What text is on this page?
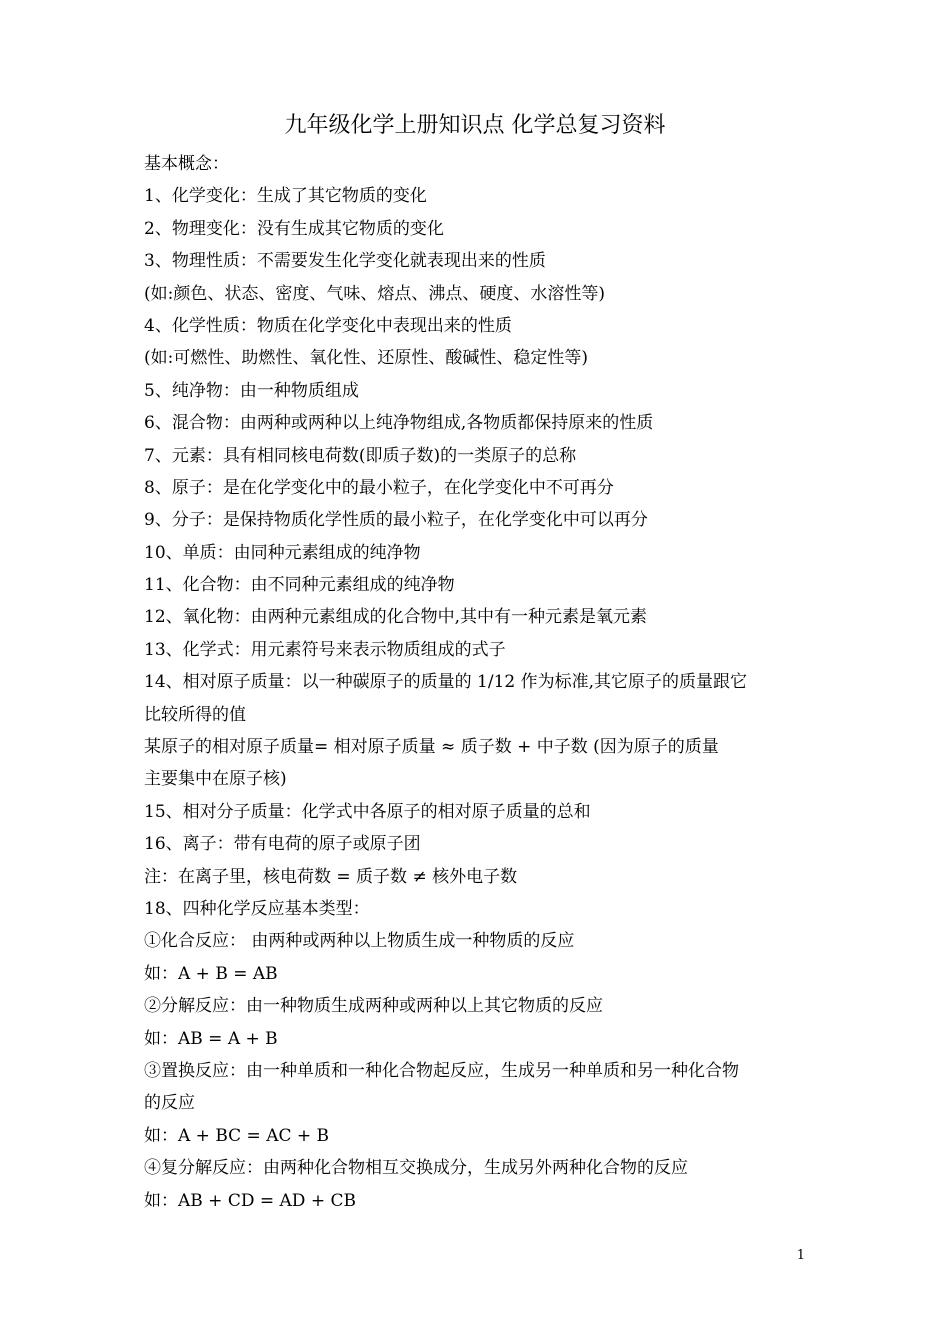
九年级化学上册知识点 化学总复习资料
基本概念：
1、化学变化：生成了其它物质的变化
2、物理变化：没有生成其它物质的变化
3、物理性质：不需要发生化学变化就表现出来的性质
(如:颜色、状态、密度、气味、熔点、沸点、硬度、水溶性等)
4、化学性质：物质在化学变化中表现出来的性质
(如:可燃性、助燃性、氧化性、还原性、酸碱性、稳定性等)
5、纯净物：由一种物质组成
6、混合物：由两种或两种以上纯净物组成,各物质都保持原来的性质
7、元素：具有相同核电荷数(即质子数)的一类原子的总称
8、原子：是在化学变化中的最小粒子，在化学变化中不可再分
9、分子：是保持物质化学性质的最小粒子，在化学变化中可以再分
10、单质：由同种元素组成的纯净物
11、化合物：由不同种元素组成的纯净物
12、氧化物：由两种元素组成的化合物中,其中有一种元素是氧元素
13、化学式：用元素符号来表示物质组成的式子
14、相对原子质量：以一种碳原子的质量的 1/12 作为标准,其它原子的质量跟它
比较所得的值
某原子的相对原子质量= 相对原子质量 ≈ 质子数 + 中子数 (因为原子的质量
主要集中在原子核)
15、相对分子质量：化学式中各原子的相对原子质量的总和
16、离子：带有电荷的原子或原子团
注：在离子里，核电荷数 = 质子数 ≠ 核外电子数
18、四种化学反应基本类型：
①化合反应： 由两种或两种以上物质生成一种物质的反应
如：A + B = AB
②分解反应：由一种物质生成两种或两种以上其它物质的反应
如：AB = A + B
③置换反应：由一种单质和一种化合物起反应，生成另一种单质和另一种化合物
的反应
如：A + BC = AC + B
④复分解反应：由两种化合物相互交换成分，生成另外两种化合物的反应
如：AB + CD = AD + CB
1
